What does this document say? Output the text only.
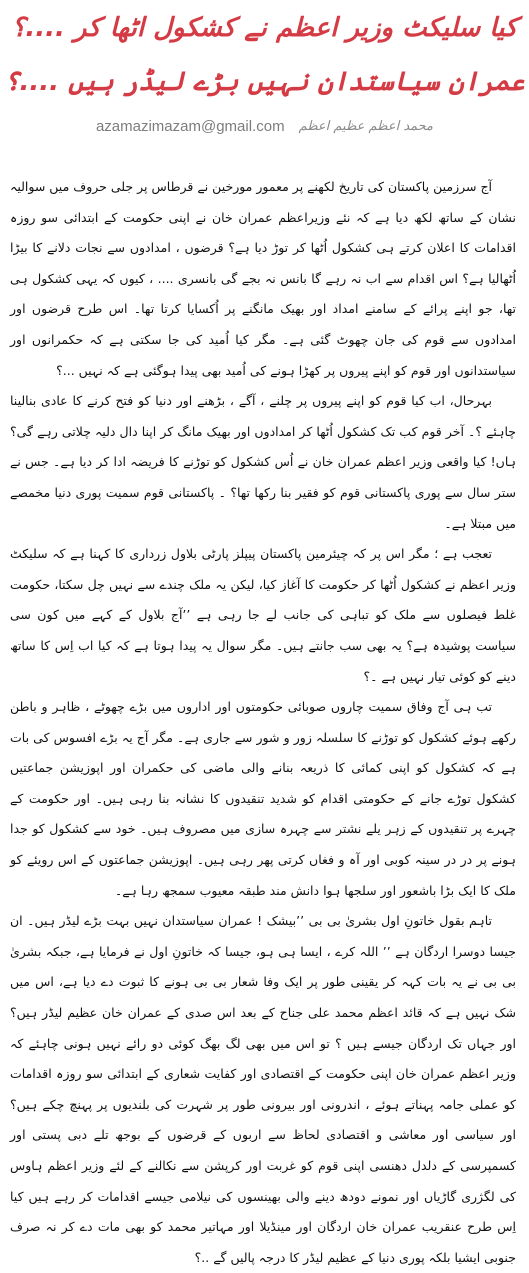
کیا سلیکٹ وزیر اعظم نے کشکول اٹھا کر ....؟
عمران سیاستدان نہیں بڑے لیڈر ہیں ....؟
azamazimazam@gmail.com محمد اعظم عظیم اعظم

آج سرزمین پاکستان کی تاریخ لکھنے پر معمور مورخین نے قرطاس پر جلی حروف میں سوالیہ نشان کے ساتھ لکھ دیا ہے کہ نئے وزیراعظم عمران خان نے اپنی حکومت کے ابتدائی سو روزہ اقدامات کا اعلان کرتے ہی کشکول اُٹھا کر توڑ دیا ہے؟ قرضوں ، امدادوں سے نجات دلانے کا بیڑا اُٹھالیا ہے؟ اس اقدام سے اب نہ رہے گا بانس نہ بجے گی بانسری .... ، کیوں کہ یہی کشکول ہی تھا، جو اپنے پرائے کے سامنے امداد اور بھیک مانگنے پر اُکسایا کرتا تھا۔ اس طرح قرضوں اور امدادوں سے قوم کی جان چھوٹ گئی ہے۔ مگر کیا اُمید کی جا سکتی ہے کہ حکمرانوں اور سیاستدانوں اور قوم کو اپنے پیروں پر کھڑا ہونے کی اُمید بھی پیدا ہوگئی ہے کہ نہیں ...؟

بہرحال، اب کیا قوم کو اپنے پیروں پر چلنے ، آگے ، بڑھنے اور دنیا کو فتح کرنے کا عادی بنالینا چاہئے ؟۔ آخر قوم کب تک کشکول اُٹھا کر امدادوں اور بھیک مانگ کر اپنا دال دلیہ چلاتی رہے گی؟ ہاں! کیا واقعی وزیر اعظم عمران خان نے اُس کشکول کو توڑنے کا فریضہ ادا کر دیا ہے۔ جس نے ستر سال سے پوری پاکستانی قوم کو فقیر بنا رکھا تھا؟ ۔ پاکستانی قوم سمیت پوری دنیا مخمصے میں مبتلا ہے۔

تعجب ہے ؛ مگر اس پر کہ چیئرمین پاکستان پیپلز پارٹی بلاول زرداری کا کہنا ہے کہ سلیکٹ وزیر اعظم نے کشکول اُٹھا کر حکومت کا آغاز کیا، لیکن یہ ملک چندے سے نہیں چل سکتا، حکومت غلط فیصلوں سے ملک کو تباہی کی جانب لے جا رہی ہے ’’آج بلاول کے کہے میں کون سی سیاست پوشیدہ ہے؟ یہ بھی سب جانتے ہیں۔ مگر سوال یہ پیدا ہوتا ہے کہ کیا اب اِس کا ساتھ دینے کو کوئی تیار نہیں ہے ۔؟

تب ہی آج وفاق سمیت چاروں صوبائی حکومتوں اور اداروں میں بڑے چھوٹے ، ظاہر و باطن رکھے ہوئے کشکول کو توڑنے کا سلسلہ زور و شور سے جاری ہے۔ مگر آج یہ بڑے افسوس کی بات ہے کہ کشکول کو اپنی کمائی کا ذریعہ بنانے والی ماضی کی حکمران اور اپوزیشن جماعتیں کشکول توڑے جانے کے حکومتی اقدام کو شدید تنقیدوں کا نشانہ بنا رہی ہیں۔ اور حکومت کے چہرے پر تنقیدوں کے زہر یلے نشتر سے چہرہ سازی میں مصروف ہیں۔ خود سے کشکول کو جدا ہونے پر در در سینہ کوبی اور آہ و فغاں کرتی پھر رہی ہیں۔ اپوزیشن جماعتوں کے اس رویئے کو ملک کا ایک بڑا باشعور اور سلجھا ہوا دانش مند طبقہ معیوب سمجھ رہا ہے۔

تاہم بقول خاتونِ اول بشریٰ بی بی ’’بیشک ! عمران سیاستدان نہیں بہت بڑے لیڈر ہیں۔ ان جیسا دوسرا اردگان ہے ’’ اللہ کرے ، ایسا ہی ہو، جیسا کہ خاتونِ اول نے فرمایا ہے، جبکہ بشریٰ بی بی نے یہ بات کہہ کر یقینی طور پر ایک وفا شعار بی بی ہونے کا ثبوت دے دیا ہے، اس میں شک نہیں ہے کہ قائد اعظم محمد علی جناح کے بعد اس صدی کے عمران خان عظیم لیڈر ہیں؟ اور جہاں تک اردگان جیسے ہیں ؟ تو اس میں بھی لگ بھگ کوئی دو رائے نہیں ہونی چاہئے کہ وزیر اعظم عمران خان اپنی حکومت کے اقتصادی اور کفایت شعاری کے ابتدائی سو روزہ اقدامات کو عملی جامہ پہناتے ہوئے ، اندرونی اور بیرونی طور پر شہرت کی بلندیوں پر پہنچ چکے ہیں؟ اور سیاسی اور معاشی و اقتصادی لحاظ سے اربوں کے قرضوں کے بوجھ تلے دبی پستی اور کسمپرسی کے دلدل دھنسی اپنی قوم کو غربت اور کرپشن سے نکالنے کے لئے وزیر اعظم ہاوس کی لگژری گاڑیاں اور نمونے دودھ دینے والی بھینسوں کی نیلامی جیسے اقدامات کر رہے ہیں کیا اِس طرح عنقریب عمران خان اردگان اور مینڈیلا اور مہاتیر محمد کو بھی مات دے کر نہ صرف جنوبی ایشیا بلکہ پوری دنیا کے عظیم لیڈر کا درجہ پالیں گے ..؟
